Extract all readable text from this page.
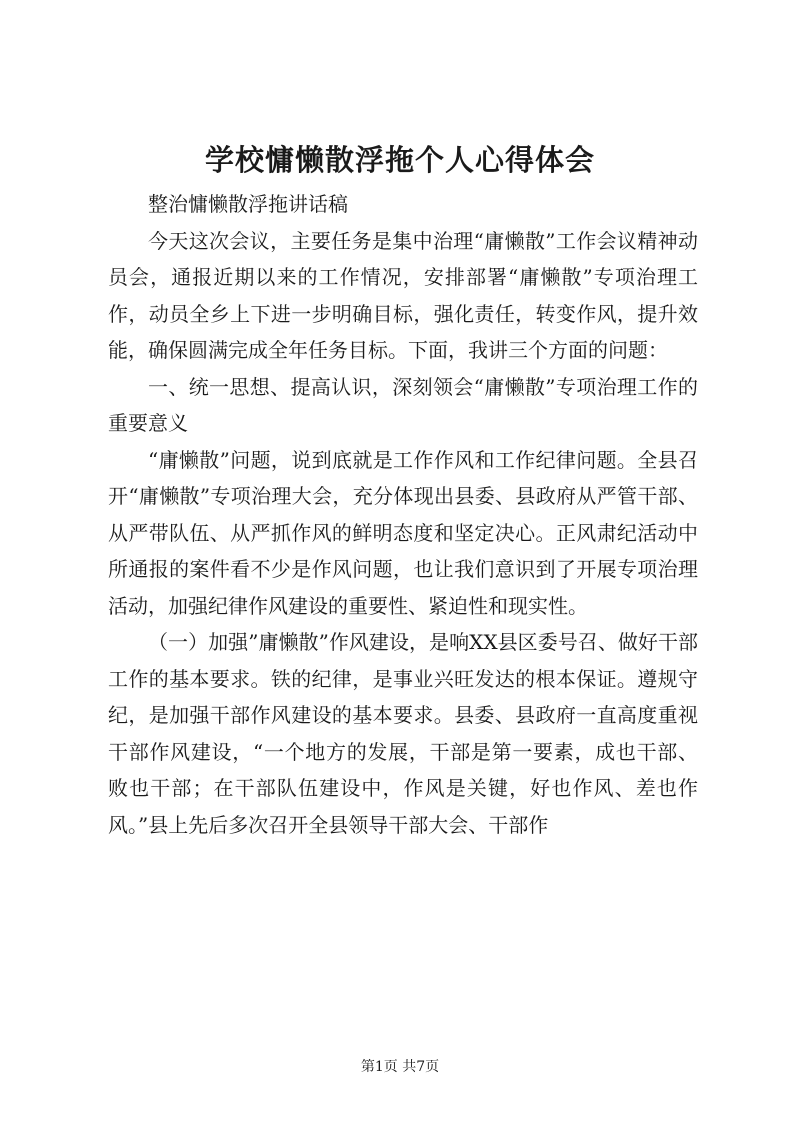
学校慵懒散浮拖个人心得体会

整治慵懒散浮拖讲话稿

今天这次会议，主要任务是集中治理“庸懒散”工作会议精神动员会，通报近期以来的工作情况，安排部署“庸懒散”专项治理工作，动员全乡上下进一步明确目标，强化责任，转变作风，提升效能，确保圆满完成全年任务目标。下面，我讲三个方面的问题：

一、统一思想、提高认识，深刻领会“庸懒散”专项治理工作的重要意义

“庸懒散”问题，说到底就是工作作风和工作纪律问题。全县召开“庸懒散”专项治理大会，充分体现出县委、县政府从严管干部、从严带队伍、从严抓作风的鲜明态度和坚定决心。正风肃纪活动中所通报的案件看不少是作风问题，也让我们意识到了开展专项治理活动，加强纪律作风建设的重要性、紧迫性和现实性。

（一）加强”庸懒散”作风建设，是响XX县区委号召、做好干部工作的基本要求。铁的纪律，是事业兴旺发达的根本保证。遵规守纪，是加强干部作风建设的基本要求。县委、县政府一直高度重视干部作风建设，“一个地方的发展，干部是第一要素，成也干部、败也干部；在干部队伍建设中，作风是关键，好也作风、差也作风。”县上先后多次召开全县领导干部大会、干部作

第1页 共7页
